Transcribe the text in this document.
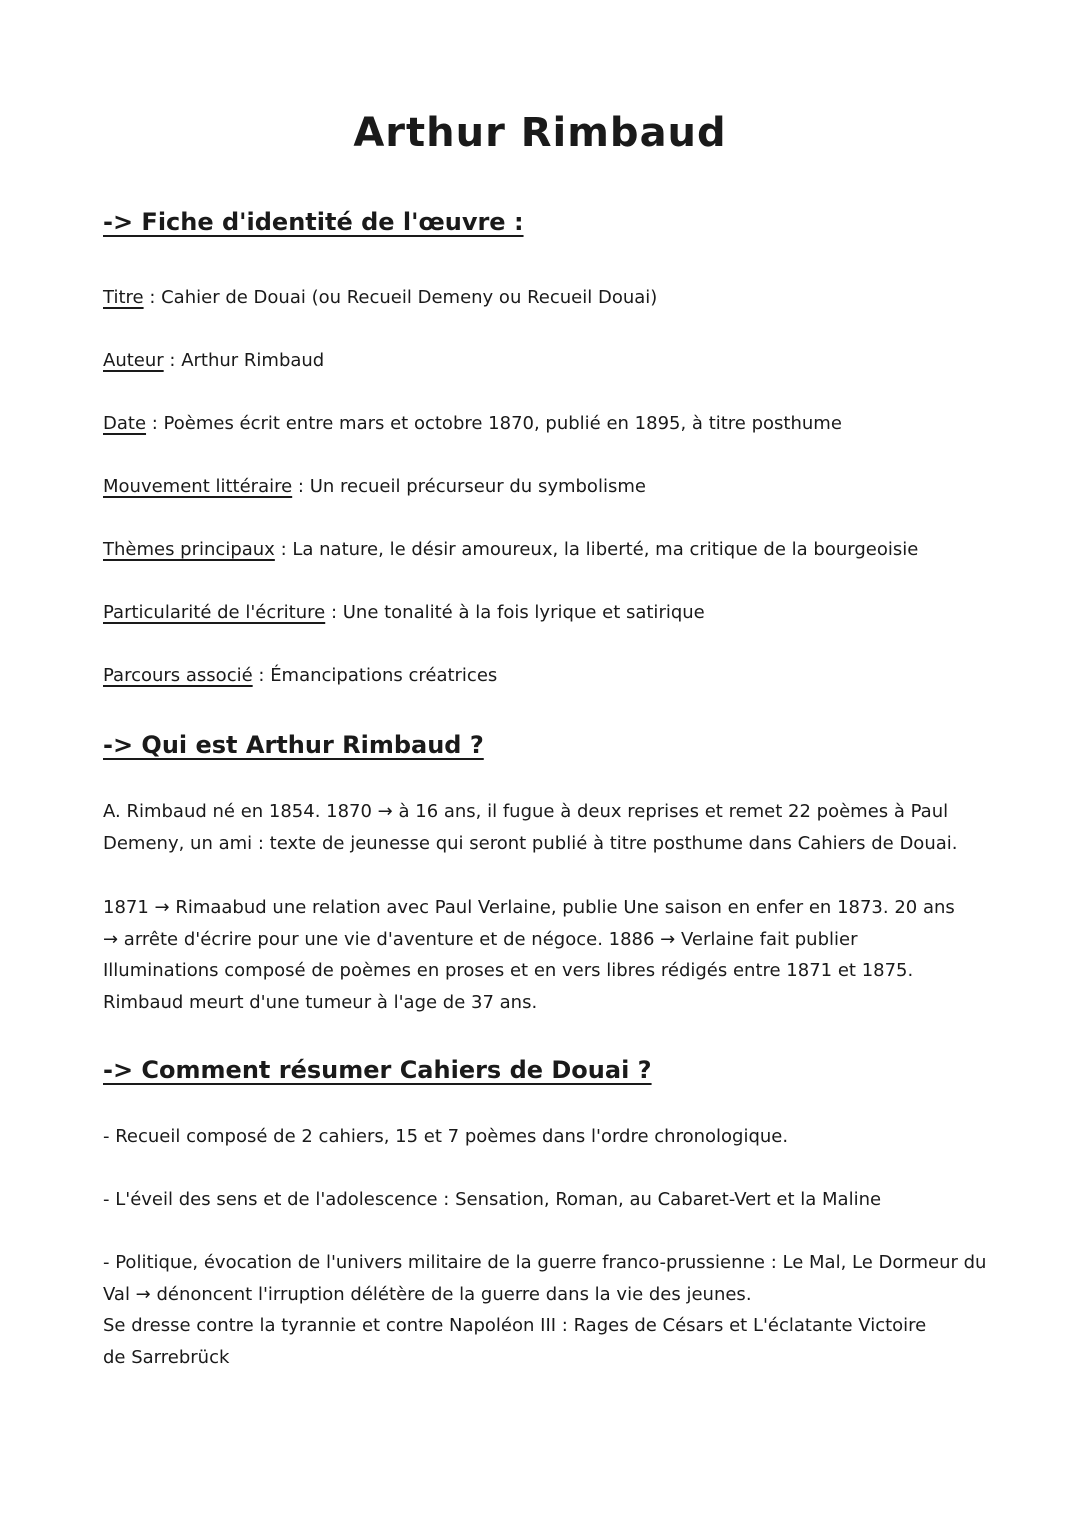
Arthur Rimbaud
-> Fiche d'identité de l'œuvre :
Titre : Cahier de Douai (ou Recueil Demeny ou Recueil Douai)
Auteur : Arthur Rimbaud
Date : Poèmes écrit entre mars et octobre 1870, publié en 1895, à titre posthume
Mouvement littéraire : Un recueil précurseur du symbolisme
Thèmes principaux : La nature, le désir amoureux, la liberté, ma critique de la bourgeoisie
Particularité de l'écriture : Une tonalité à la fois lyrique et satirique
Parcours associé : Émancipations créatrices
-> Qui est Arthur Rimbaud ?
A. Rimbaud né en 1854. 1870 → à 16 ans, il fugue à deux reprises et remet 22 poèmes à Paul
Demeny, un ami : texte de jeunesse qui seront publié à titre posthume dans Cahiers de Douai.
1871 → Rimaabud une relation avec Paul Verlaine, publie Une saison en enfer en 1873. 20 ans
→ arrête d'écrire pour une vie d'aventure et de négoce. 1886 → Verlaine fait publier
Illuminations composé de poèmes en proses et en vers libres rédigés entre 1871 et 1875.
Rimbaud meurt d'une tumeur à l'age de 37 ans.
-> Comment résumer Cahiers de Douai ?
- Recueil composé de 2 cahiers, 15 et 7 poèmes dans l'ordre chronologique.
- L'éveil des sens et de l'adolescence : Sensation, Roman, au Cabaret-Vert et la Maline
- Politique, évocation de l'univers militaire de la guerre franco-prussienne : Le Mal, Le Dormeur du
Val → dénoncent l'irruption délétère de la guerre dans la vie des jeunes.
Se dresse contre la tyrannie et contre Napoléon III : Rages de Césars et L'éclatante Victoire
de Sarrebrück
